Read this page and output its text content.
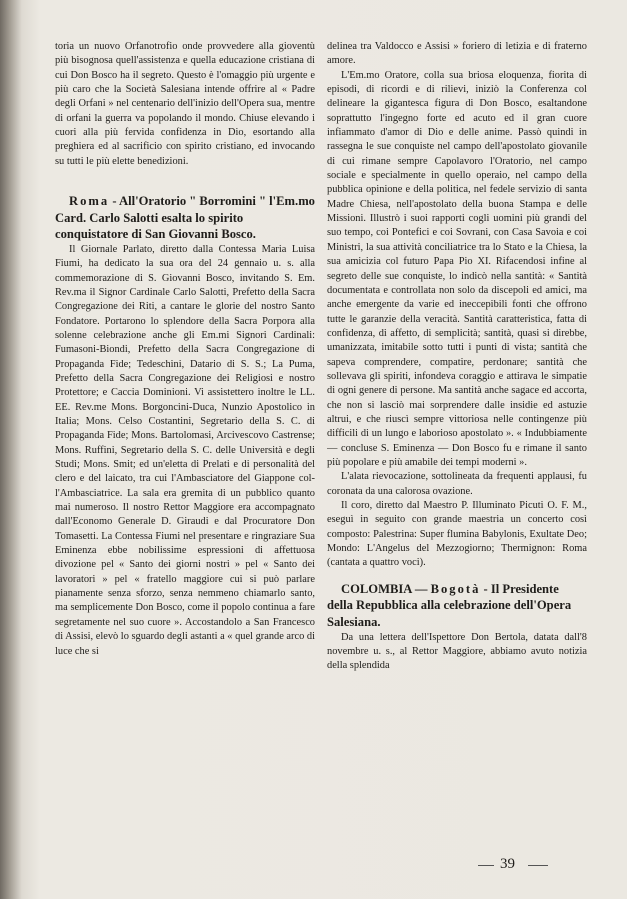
toria un nuovo Orfanotrofio onde provvedere alla gioventù più bisognosa quell'assistenza e quella educazione cristiana di cui Don Bosco ha il segreto. Questo è l'omaggio più urgente e più caro che la Società Salesiana intende offrire al « Padre degli Orfani » nel centenario dell'inizio dell'Opera sua, mentre di orfani la guerra va popolando il mondo. Chiuse elevando i cuori alla più fervida confidenza in Dio, esortando alla preghiera ed al sacrificio con spirito cristiano, ed invocando su tutti le più elette benedizioni.

Roma - All'Oratorio " Borromini " l'Em.mo Card. Carlo Salotti esalta lo spirito conquistatore di San Giovanni Bosco.

Il Giornale Parlato, diretto dalla Contessa Maria Luisa Fiumi, ha dedicato la sua ora del 24 gennaio u. s. alla commemorazione di S. Giovanni Bosco, invitando S. Em. Rev.ma il Signor Cardinale Carlo Salotti, Prefetto della Sacra Congregazione dei Riti, a cantare le glorie del nostro Santo Fondatore. Portarono lo splendore della Sacra Porpora alla solenne celebrazione anche gli Em.mi Signori Cardinali: Fumasoni-Biondi, Prefetto della Sacra Congregazione di Propaganda Fide; Tedeschini, Datario di S. S.; La Puma, Prefetto della Sacra Congregazione dei Religiosi e nostro Protettore; e Caccia Dominioni. Vi assistettero inoltre le LL. EE. Rev.me Mons. Borgoncini-Duca, Nunzio Apostolico in Italia; Mons. Celso Costantini, Segretario della S. C. di Propaganda Fide; Mons. Bartolomasi, Arcivescovo Castrense; Mons. Ruffini, Segretario della S. C. delle Università e degli Studi; Mons. Smit; ed un'eletta di Prelati e di personalità del clero e del laicato, tra cui l'Ambasciatore del Giappone col-l'Ambasciatrice. La sala era gremita di un pubblico quanto mai numeroso. Il nostro Rettor Maggiore era accompagnato dall'Economo Generale D. Giraudi e dal Procuratore Don Tomasetti. La Contessa Fiumi nel presentare e ringraziare Sua Eminenza ebbe nobilissime espressioni di affettuosa divozione pel « Santo dei giorni nostri » pel « Santo dei lavoratori » pel « fratello maggiore cui si può parlare pianamente senza sforzo, senza nemmeno chiamarlo santo, ma semplicemente Don Bosco, come il popolo continua a fare segretamente nel suo cuore ». Accostandolo a San Francesco di Assisi, elevò lo sguardo degli astanti a « quel grande arco di luce che si

delinea tra Valdocco e Assisi » foriero di letizia e di fraterno amore.

L'Em.mo Oratore, colla sua briosa eloquenza, fiorita di episodi, di ricordi e di rilievi, iniziò la Conferenza col delineare la gigantesca figura di Don Bosco, esaltandone soprattutto l'ingegno forte ed acuto ed il gran cuore infiammato d'amor di Dio e delle anime. Passò quindi in rassegna le sue conquiste nel campo dell'apostolato giovanile di cui rimane sempre Capolavoro l'Oratorio, nel campo sociale e specialmente in quello operaio, nel campo della pubblica opinione e della politica, nel fedele servizio di santa Madre Chiesa, nell'apostolato della buona Stampa e delle Missioni. Illustrò i suoi rapporti cogli uomini più grandi del suo tempo, coi Pontefici e coi Sovrani, con Casa Savoia e coi Ministri, la sua attività conciliatrice tra lo Stato e la Chiesa, la sua amicizia col futuro Papa Pio XI. Rifacendosi infine al segreto delle sue conquiste, lo indicò nella santità: « Santità documentata e controllata non solo da discepoli ed amici, ma anche emergente da varie ed ineccepibili fonti che offrono tutte le garanzie della veracità. Santità caratteristica, fatta di confidenza, di affetto, di semplicità; santità, quasi si direbbe, umanizzata, imitabile sotto tutti i punti di vista; santità che sapeva comprendere, compatire, perdonare; santità che sollevava gli spiriti, infondeva coraggio e attirava le simpatie di ogni genere di persone. Ma santità anche sagace ed accorta, che non si lasciò mai sorprendere dalle insidie ed astuzie altrui, e che riuscì sempre vittoriosa nelle contingenze più difficili di un lungo e laborioso apostolato ». « Indubbiamente — concluse S. Eminenza — Don Bosco fu e rimane il santo più popolare e più amabile dei tempi moderni ».

L'alata rievocazione, sottolineata da frequenti applausi, fu coronata da una calorosa ovazione.

Il coro, diretto dal Maestro P. Illuminato Picuti O. F. M., eseguì in seguito con grande maestria un concerto così composto: Palestrina: Super flumina Babylonis, Exultate Deo; Mondo: L'Angelus del Mezzogiorno; Thermignon: Roma (cantata a quattro voci).

COLOMBIA — Bogotà - Il Presidente della Repubblica alla celebrazione dell'Opera Salesiana.

Da una lettera dell'Ispettore Don Bertola, datata dall'8 novembre u. s., al Rettor Maggiore, abbiamo avuto notizia della splendida

39
